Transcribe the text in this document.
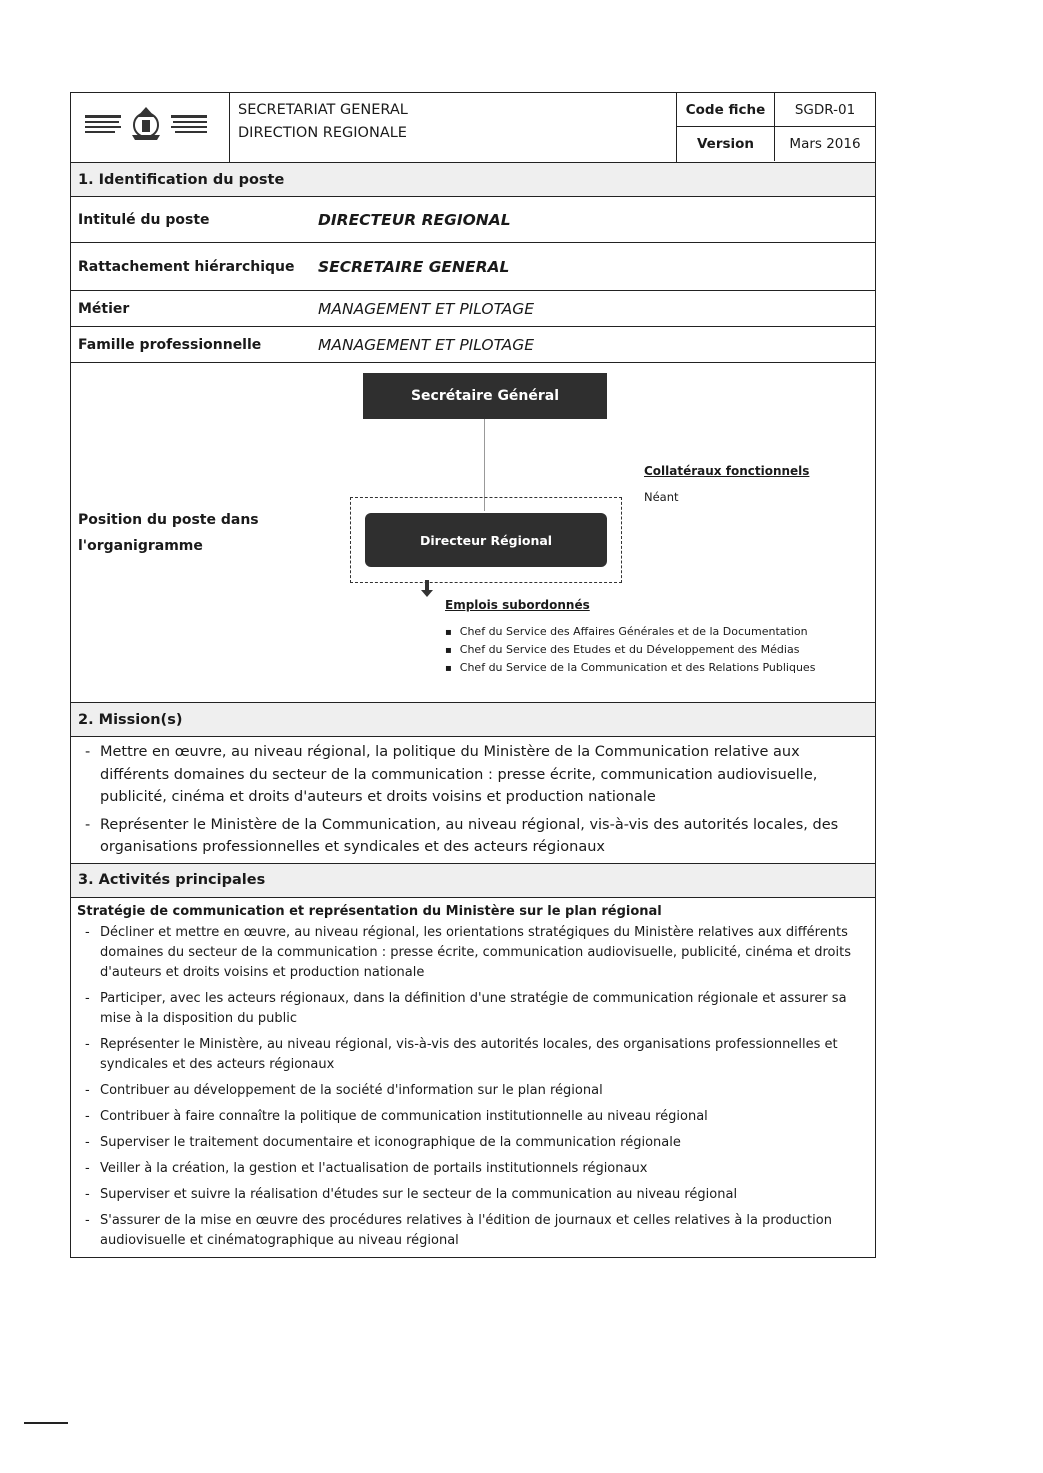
SECRETARIAT GENERAL
DIRECTION REGIONALE
Code fiche	SGDR-01
Version	Mars 2016
1. Identification du poste
Intitulé du poste	DIRECTEUR REGIONAL
Rattachement hiérarchique	SECRETAIRE GENERAL
Métier	MANAGEMENT ET PILOTAGE
Famille professionnelle	MANAGEMENT ET PILOTAGE
Position du poste dans
l'organigramme
Secrétaire Général
Directeur Régional
Collatéraux fonctionnels
Néant
Emplois subordonnés
▪ Chef du Service des Affaires Générales et de la Documentation
▪ Chef du Service des Etudes et du Développement des Médias
▪ Chef du Service de la Communication et des Relations Publiques
2. Mission(s)
- Mettre en œuvre, au niveau régional, la politique du Ministère de la Communication relative aux différents domaines du secteur de la communication : presse écrite, communication audiovisuelle, publicité, cinéma et droits d'auteurs et droits voisins et production nationale
- Représenter le Ministère de la Communication, au niveau régional, vis-à-vis des autorités locales, des organisations professionnelles et syndicales et des acteurs régionaux
3. Activités principales
Stratégie de communication et représentation du Ministère sur le plan régional
- Décliner et mettre en œuvre, au niveau régional, les orientations stratégiques du Ministère relatives aux différents domaines du secteur de la communication : presse écrite, communication audiovisuelle, publicité, cinéma et droits d'auteurs et droits voisins et production nationale
- Participer, avec les acteurs régionaux, dans la définition d'une stratégie de communication régionale et assurer sa mise à la disposition du public
- Représenter le Ministère, au niveau régional, vis-à-vis des autorités locales, des organisations professionnelles et syndicales et des acteurs régionaux
- Contribuer au développement de la société d'information sur le plan régional
- Contribuer à faire connaître la politique de communication institutionnelle au niveau régional
- Superviser le traitement documentaire et iconographique de la communication régionale
- Veiller à la création, la gestion et l'actualisation de portails institutionnels régionaux
- Superviser et suivre la réalisation d'études sur le secteur de la communication au niveau régional
- S'assurer de la mise en œuvre des procédures relatives à l'édition de journaux et celles relatives à la production audiovisuelle et cinématographique au niveau régional
